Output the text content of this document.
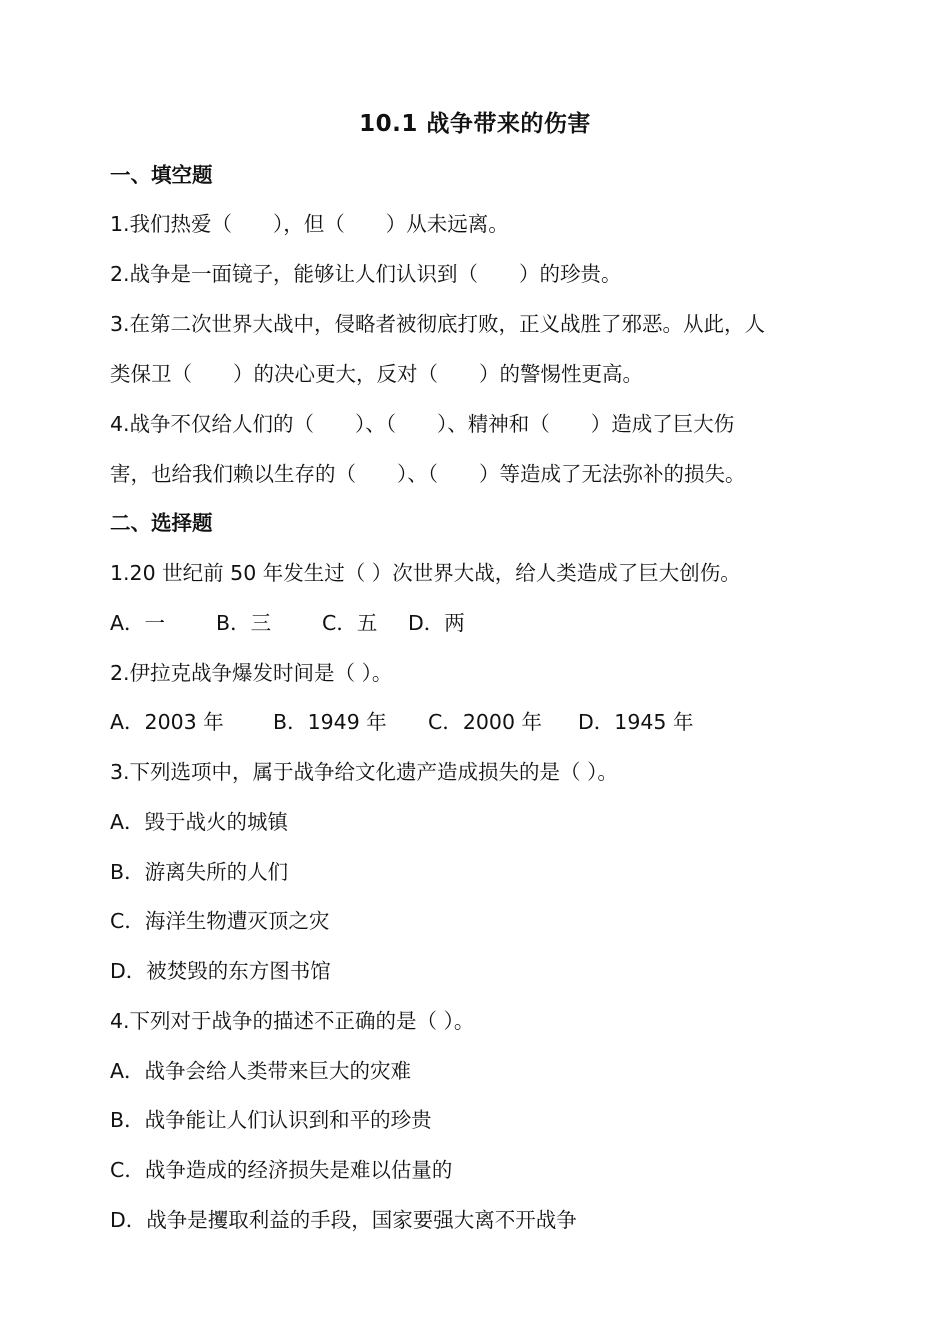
10.1 战争带来的伤害
一、填空题
1.我们热爱（　　），但（　　）从未远离。
2.战争是一面镜子，能够让人们认识到（　　）的珍贵。
3.在第二次世界大战中，侵略者被彻底打败，正义战胜了邪恶。从此，人
类保卫（　　）的决心更大，反对（　　）的警惕性更高。
4.战争不仅给人们的（　　）、（　　）、精神和（　　）造成了巨大伤
害，也给我们赖以生存的（　　）、（　　）等造成了无法弥补的损失。
二、选择题
1.20 世纪前 50 年发生过（ ）次世界大战，给人类造成了巨大创伤。
A．一 B．三 C．五 D．两
2.伊拉克战争爆发时间是（ ）。
A．2003 年 B．1949 年 C．2000 年 D．1945 年
3.下列选项中，属于战争给文化遗产造成损失的是（ ）。
A．毁于战火的城镇
B．游离失所的人们
C．海洋生物遭灭顶之灾
D．被焚毁的东方图书馆
4.下列对于战争的描述不正确的是（ ）。
A．战争会给人类带来巨大的灾难
B．战争能让人们认识到和平的珍贵
C．战争造成的经济损失是难以估量的
D．战争是攫取利益的手段，国家要强大离不开战争
